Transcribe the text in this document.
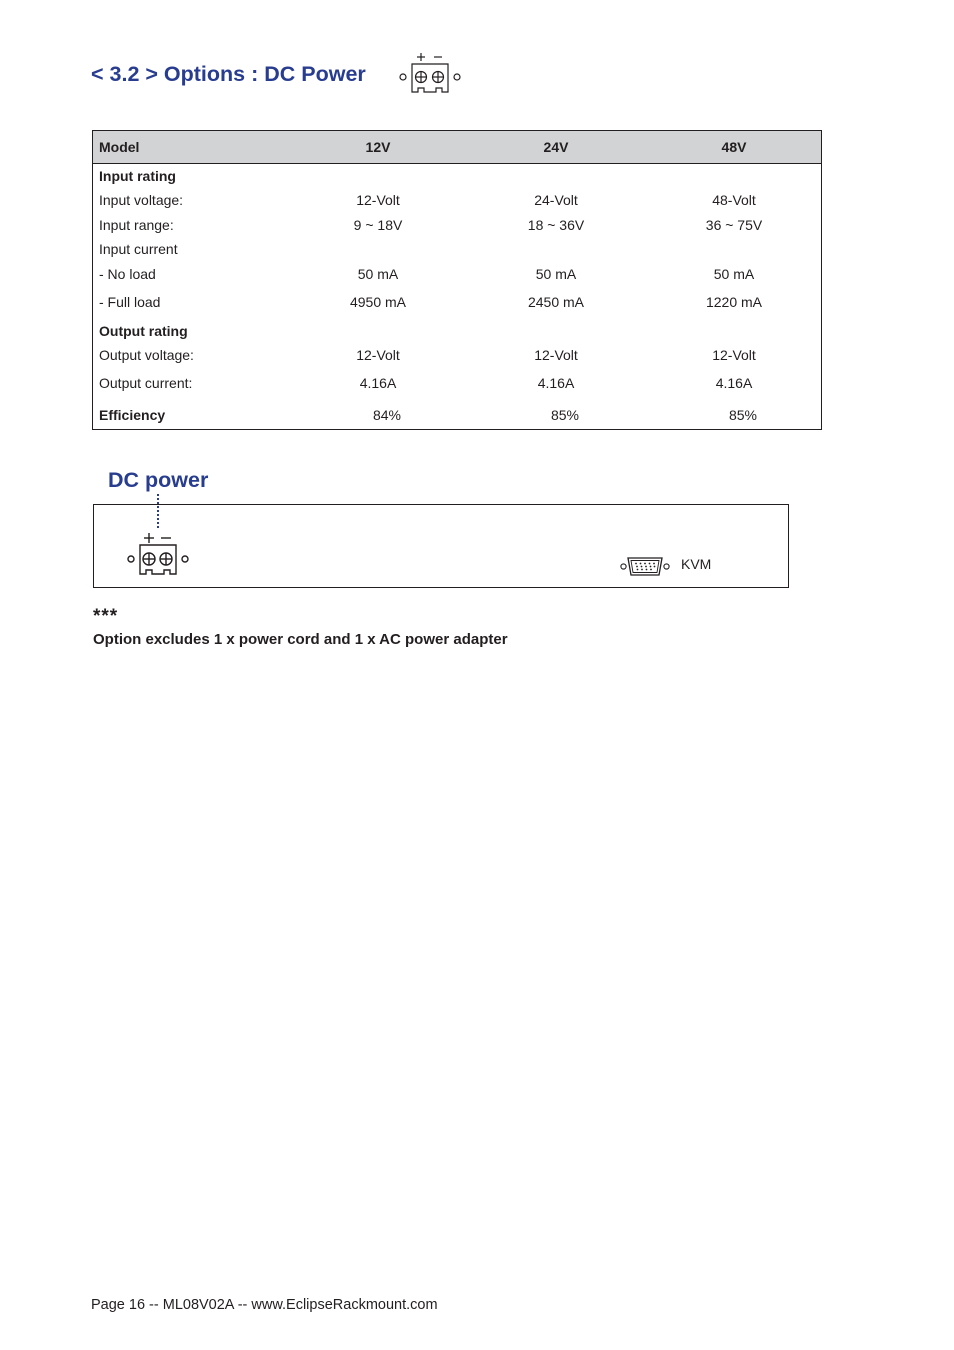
< 3.2 > Options : DC Power
Model	12V	24V	48V
Input rating
Input voltage:	12-Volt	24-Volt	48-Volt
Input range:	9 ~ 18V	18 ~ 36V	36 ~ 75V
Input current
- No load	50 mA	50 mA	50 mA
- Full load	4950 mA	2450 mA	1220 mA
Output rating
Output voltage:	12-Volt	12-Volt	12-Volt
Output current:	4.16A	4.16A	4.16A
Efficiency	84%	85%	85%
DC power
KVM
***
Option excludes 1 x power cord and 1 x AC power adapter
Page 16 -- ML08V02A -- www.EclipseRackmount.com
